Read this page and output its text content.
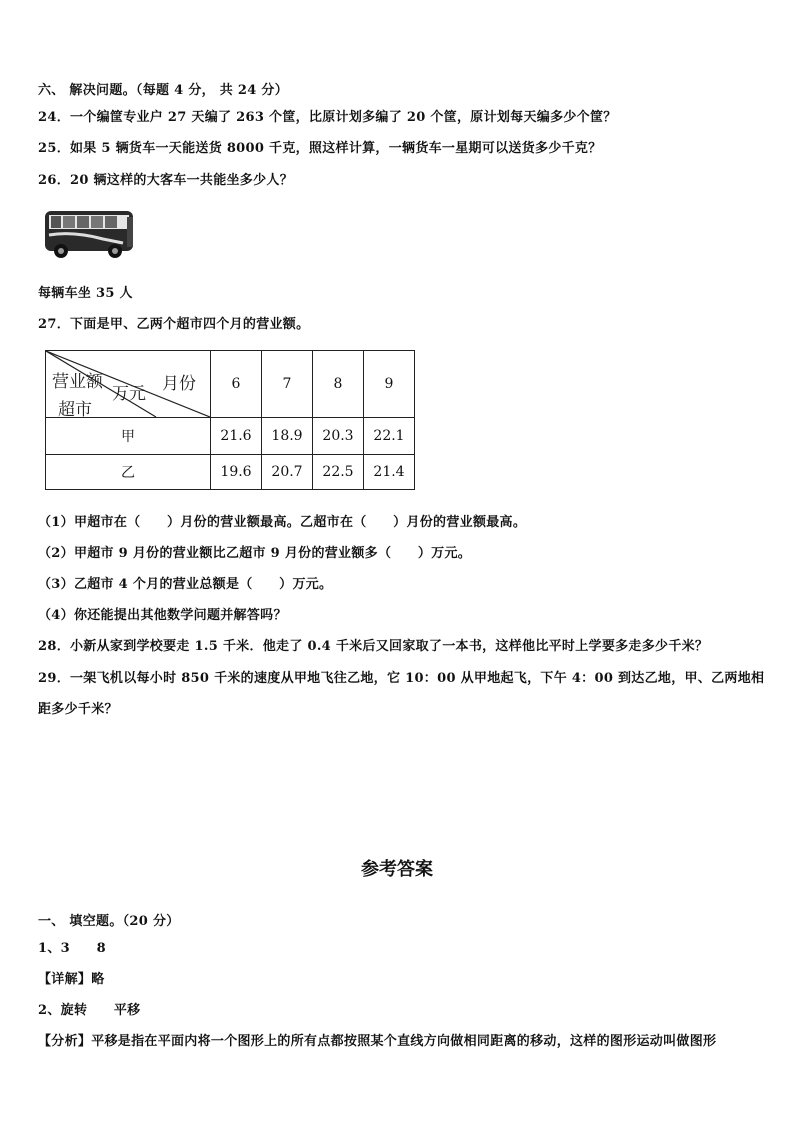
六、 解决问题。（每题 4 分， 共 24 分）
24．一个编筐专业户 27 天编了 263 个筐，比原计划多编了 20 个筐，原计划每天编多少个筐？
25．如果 5 辆货车一天能送货 8000 千克，照这样计算，一辆货车一星期可以送货多少千克？
26．20 辆这样的大客车一共能坐多少人？
每辆车坐 35 人
27．下面是甲、乙两个超市四个月的营业额。
营业额
万元 月份
超市	6	7	8	9
甲	21.6	18.9	20.3	22.1
乙	19.6	20.7	22.5	21.4
（1）甲超市在（　　）月份的营业额最高。乙超市在（　　）月份的营业额最高。
（2）甲超市 9 月份的营业额比乙超市 9 月份的营业额多（　　）万元。
（3）乙超市 4 个月的营业总额是（　　）万元。
（4）你还能提出其他数学问题并解答吗？
28．小新从家到学校要走 1.5 千米．他走了 0.4 千米后又回家取了一本书，这样他比平时上学要多走多少千米？
29．一架飞机以每小时 850 千米的速度从甲地飞往乙地，它 10：00 从甲地起飞，下午 4：00 到达乙地，甲、乙两地相
距多少千米？
参考答案
一、 填空题。（20 分）
1、3　　8
【详解】略
2、旋转　　平移
【分析】平移是指在平面内将一个图形上的所有点都按照某个直线方向做相同距离的移动，这样的图形运动叫做图形
